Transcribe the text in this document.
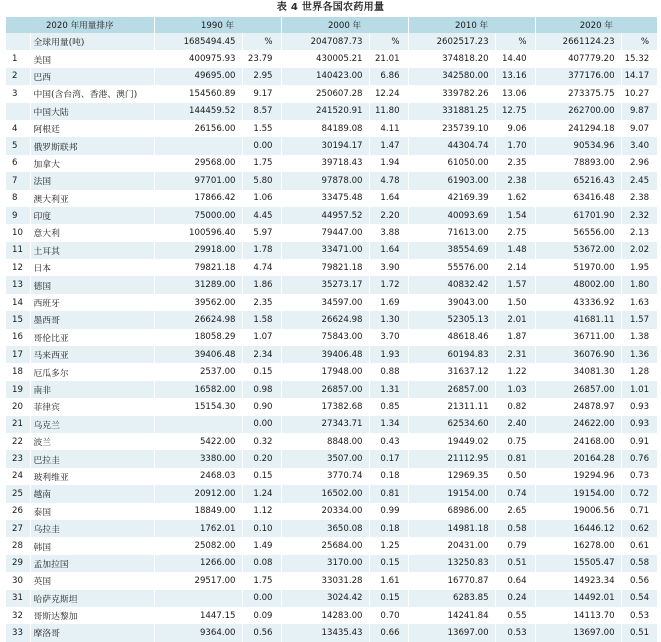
表 4 世界各国农药用量
2020 年用量排序		1990 年		2000 年		2010 年		2020 年	
	全球用量(吨)	1685494.45	%	2047087.73	%	2602517.23	%	2661124.23	%
1	美国	400975.93	23.79	430005.21	21.01	374818.20	14.40	407779.20	15.32
2	巴西	49695.00	2.95	140423.00	6.86	342580.00	13.16	377176.00	14.17
3	中国(含台湾、香港、澳门)	154560.89	9.17	250607.28	12.24	339782.26	13.06	273375.75	10.27
	中国大陆	144459.52	8.57	241520.91	11.80	331881.25	12.75	262700.00	9.87
4	阿根廷	26156.00	1.55	84189.08	4.11	235739.10	9.06	241294.18	9.07
5	俄罗斯联邦		0.00	30194.17	1.47	44304.74	1.70	90534.96	3.40
6	加拿大	29568.00	1.75	39718.43	1.94	61050.00	2.35	78893.00	2.96
7	法国	97701.00	5.80	97878.00	4.78	61903.00	2.38	65216.43	2.45
8	澳大利亚	17866.42	1.06	33475.48	1.64	42169.39	1.62	63416.48	2.38
9	印度	75000.00	4.45	44957.52	2.20	40093.69	1.54	61701.90	2.32
10	意大利	100596.40	5.97	79447.00	3.88	71613.00	2.75	56556.00	2.13
11	土耳其	29918.00	1.78	33471.00	1.64	38554.69	1.48	53672.00	2.02
12	日本	79821.18	4.74	79821.18	3.90	55576.00	2.14	51970.00	1.95
13	德国	31289.00	1.86	35273.17	1.72	40832.42	1.57	48002.00	1.80
14	西班牙	39562.00	2.35	34597.00	1.69	39043.00	1.50	43336.92	1.63
15	墨西哥	26624.98	1.58	26624.98	1.30	52305.13	2.01	41681.11	1.57
16	哥伦比亚	18058.29	1.07	75843.00	3.70	48618.46	1.87	36711.00	1.38
17	马来西亚	39406.48	2.34	39406.48	1.93	60194.83	2.31	36076.90	1.36
18	厄瓜多尔	2537.00	0.15	17948.00	0.88	31637.12	1.22	34081.30	1.28
19	南非	16582.00	0.98	26857.00	1.31	26857.00	1.03	26857.00	1.01
20	菲律宾	15154.30	0.90	17382.68	0.85	21311.11	0.82	24878.97	0.93
21	乌克兰		0.00	27343.71	1.34	62534.60	2.40	24622.00	0.93
22	波兰	5422.00	0.32	8848.00	0.43	19449.02	0.75	24168.00	0.91
23	巴拉圭	3380.00	0.20	3507.00	0.17	21112.95	0.81	20164.28	0.76
24	玻利维亚	2468.03	0.15	3770.74	0.18	12969.35	0.50	19294.96	0.73
25	越南	20912.00	1.24	16502.00	0.81	19154.00	0.74	19154.00	0.72
26	泰国	18849.00	1.12	20334.00	0.99	68986.00	2.65	19006.56	0.71
27	乌拉圭	1762.01	0.10	3650.08	0.18	14981.18	0.58	16446.12	0.62
28	韩国	25082.00	1.49	25684.00	1.25	20431.00	0.79	16278.00	0.61
29	孟加拉国	1266.00	0.08	3170.00	0.15	13250.83	0.51	15505.47	0.58
30	英国	29517.00	1.75	33031.28	1.61	16770.87	0.64	14923.34	0.56
31	哈萨克斯坦		0.00	3024.42	0.15	6283.85	0.24	14492.01	0.54
32	哥斯达黎加	1447.15	0.09	14283.00	0.70	14241.84	0.55	14113.70	0.53
33	摩洛哥	9364.00	0.56	13435.43	0.66	13697.00	0.53	13697.00	0.51
